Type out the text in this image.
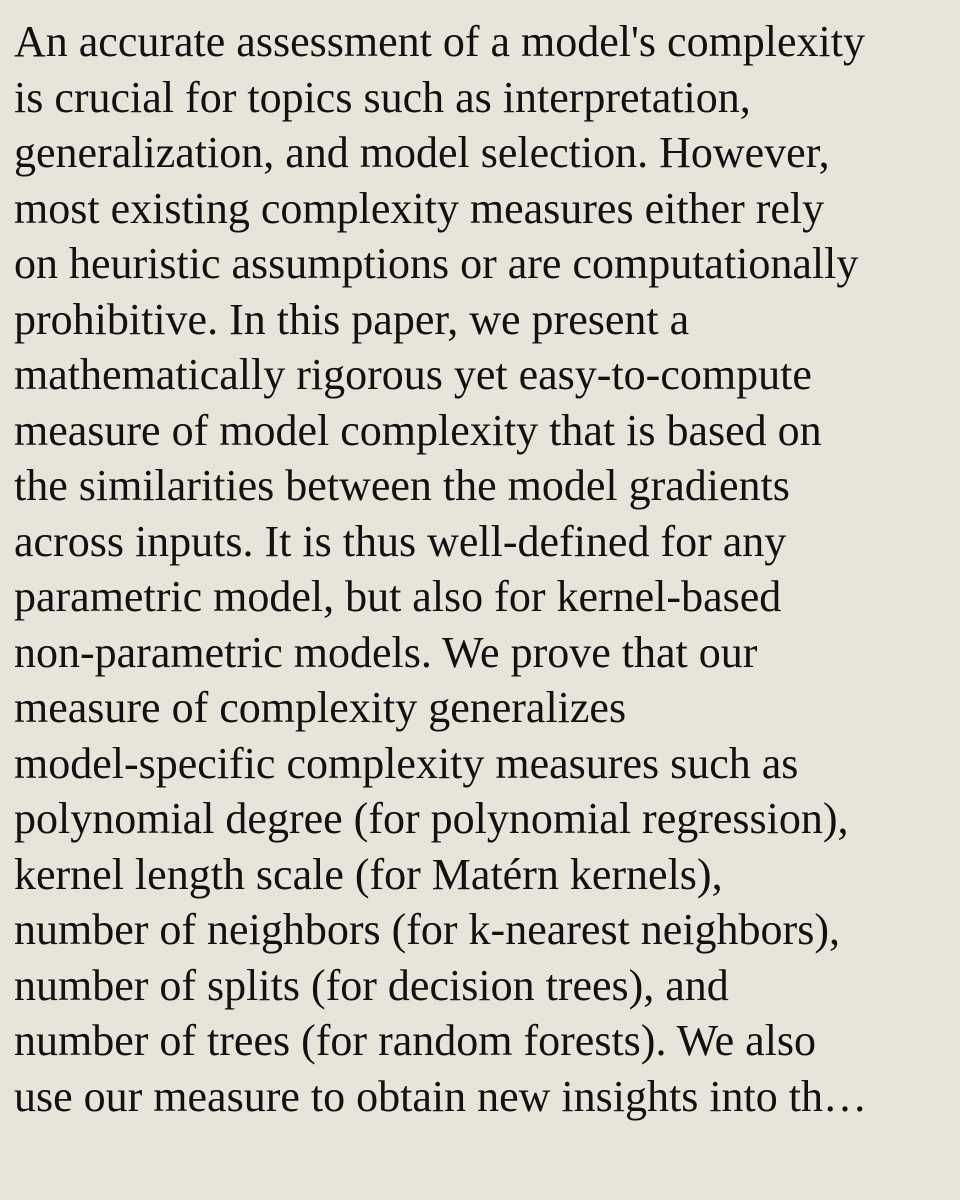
An accurate assessment of a model's complexity
is crucial for topics such as interpretation,
generalization, and model selection. However,
most existing complexity measures either rely
on heuristic assumptions or are computationally
prohibitive. In this paper, we present a
mathematically rigorous yet easy-to-compute
measure of model complexity that is based on
the similarities between the model gradients
across inputs. It is thus well-defined for any
parametric model, but also for kernel-based
non-parametric models. We prove that our
measure of complexity generalizes
model-specific complexity measures such as
polynomial degree (for polynomial regression),
kernel length scale (for Matérn kernels),
number of neighbors (for k-nearest neighbors),
number of splits (for decision trees), and
number of trees (for random forests). We also
use our measure to obtain new insights into th…
